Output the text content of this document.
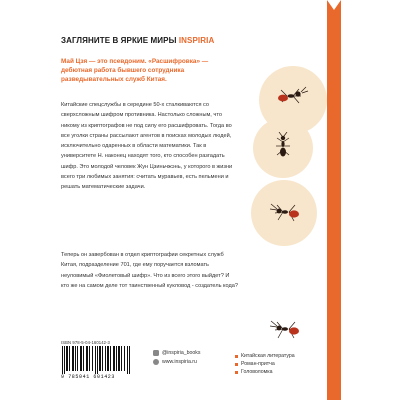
ЗАГЛЯНИТЕ В ЯРКИЕ МИРЫ INSPIRIA
Май Цзя — это псевдоним. «Расшифровка» — дебютная работа бывшего сотрудника разведывательных служб Китая.
Китайские спецслужбы в середине 50-х сталкиваются со сверхсложным шифром противника. Настолько сложным, что никому из криптографов не под силу его расшифровать. Тогда во все уголки страны рассылают агентов в поисках молодых людей, исключительно одаренных в области математики. Так в университете Н. наконец находят того, кто способен разгадать шифр. Это молодой человек Жун Цзиньчжэнь, у которого в жизни всего три любимых занятия: считать муравьев, есть пельмени и решать математические задачи.
Теперь он завербован в отдел криптографии секретных служб Китая, подразделение 701, где ему поручается взломать неуловимый «Фиолетовый шифр». Что из всего этого выйдет? И кто же на самом деле тот таинственный кукловод - создатель кода?
ISBN 978-5-04-160142-3
9 785041 601423
@inspiria_books
www.inspiria.ru
Китайская литература
Роман-притча
Головоломка
